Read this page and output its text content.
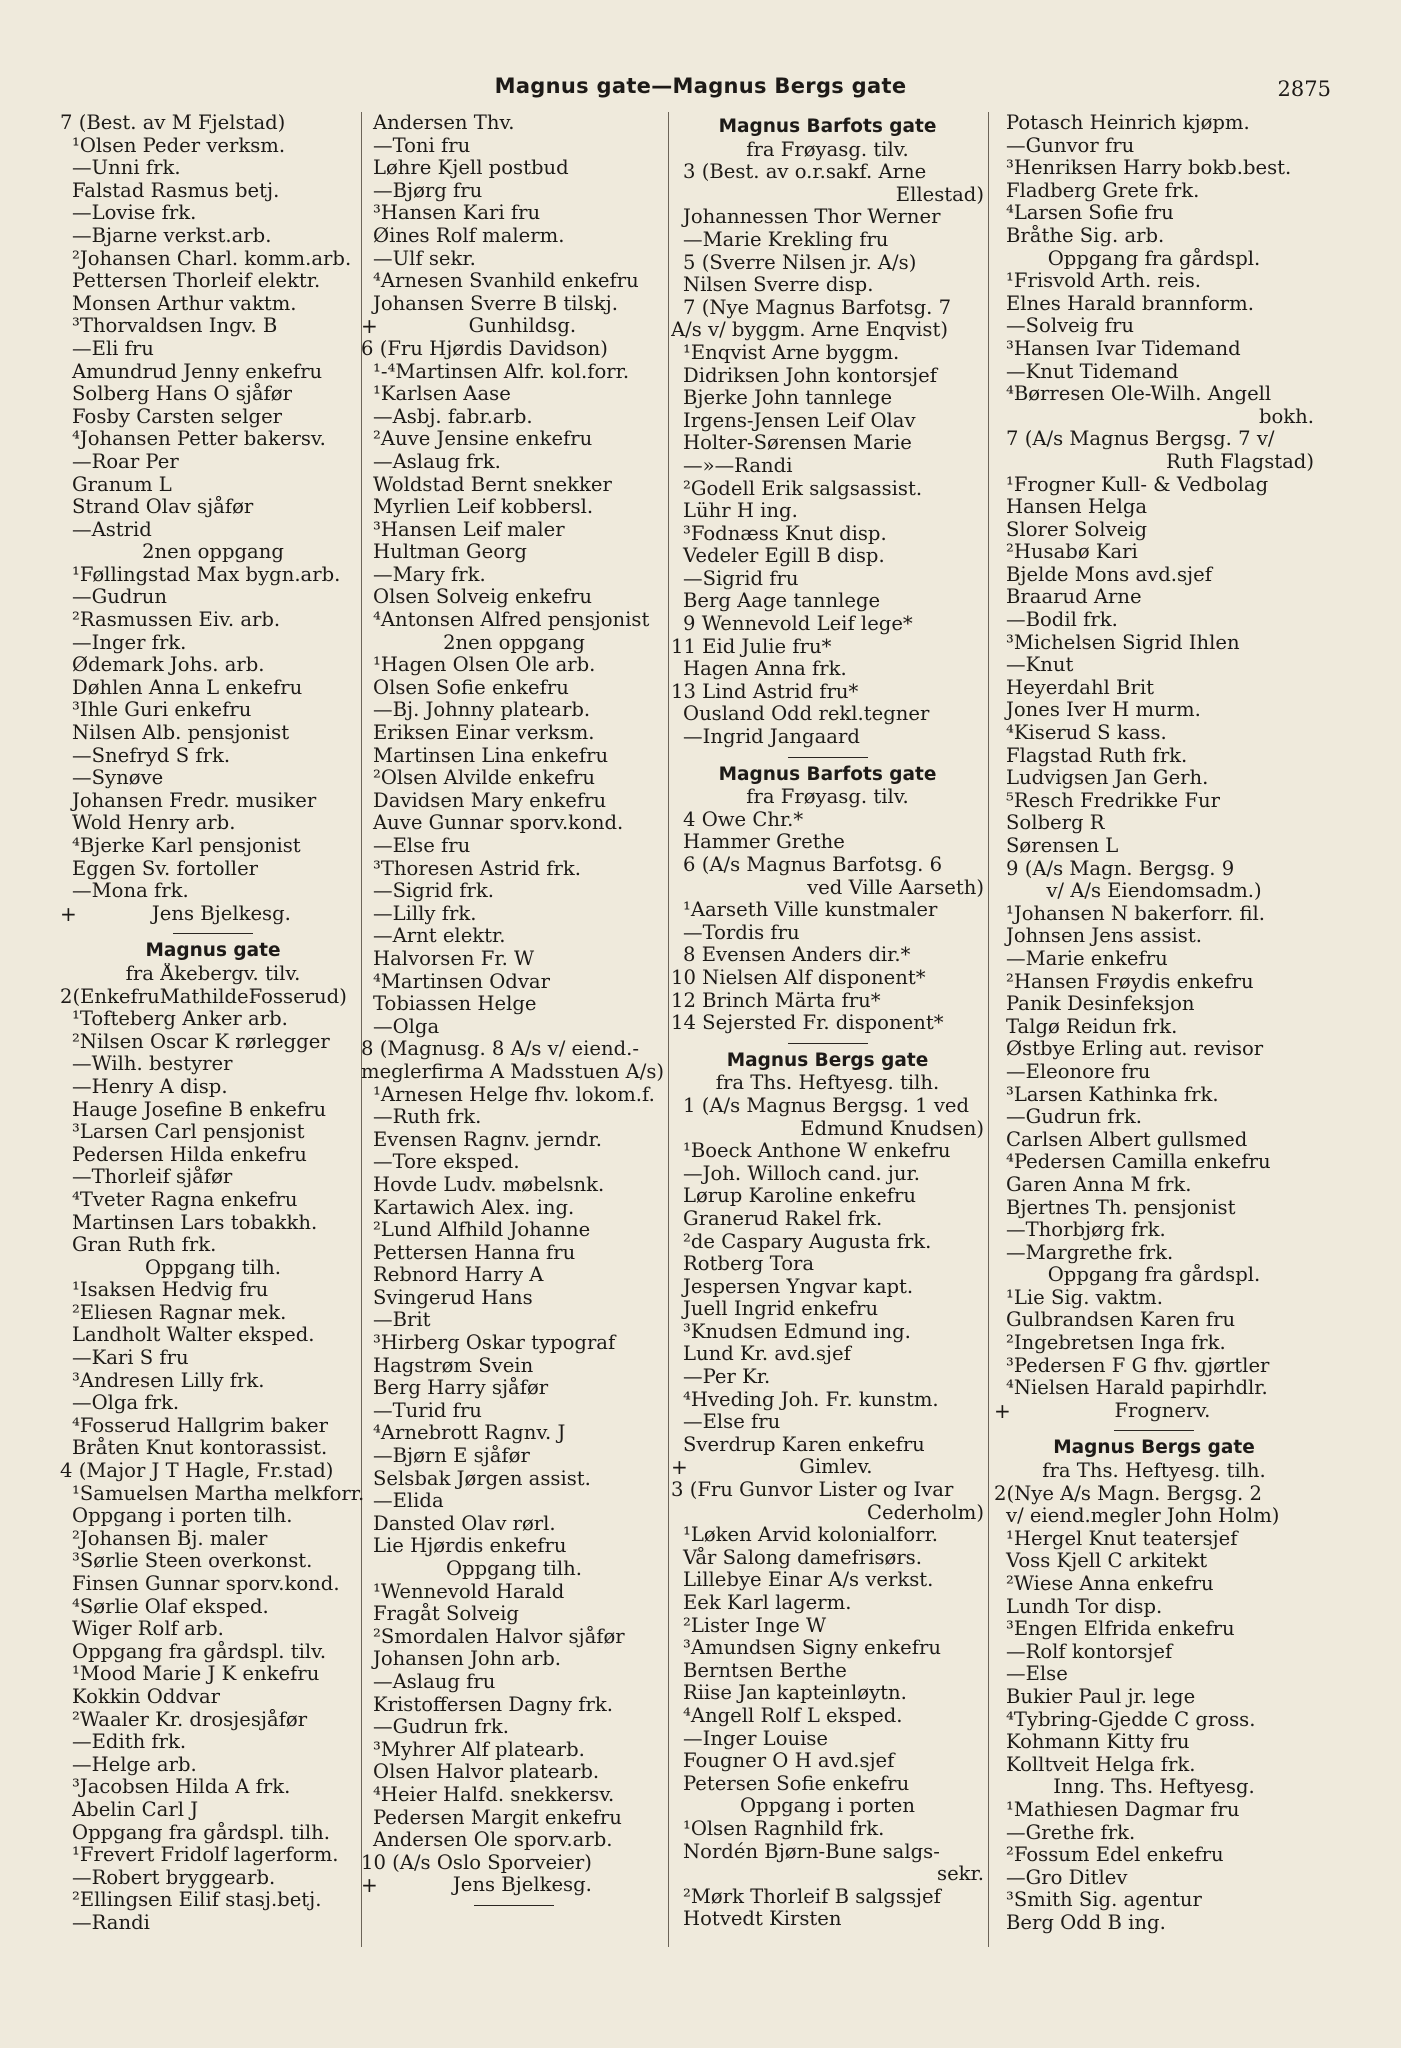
Magnus gate—Magnus Bergs gate	2875
7 (Best. av M Fjelstad)
¹Olsen Peder verksm.
—Unni frk.
Falstad Rasmus betj.
—Lovise frk.
—Bjarne verkst.arb.
²Johansen Charl. komm.arb.
Pettersen Thorleif elektr.
Monsen Arthur vaktm.
³Thorvaldsen Ingv. B
—Eli fru
Amundrud Jenny enkefru
Solberg Hans O sjåfør
Fosby Carsten selger
⁴Johansen Petter bakersv.
—Roar Per
Granum L
Strand Olav sjåfør
—Astrid
2nen oppgang
¹Føllingstad Max bygn.arb.
—Gudrun
²Rasmussen Eiv. arb.
—Inger frk.
Ødemark Johs. arb.
Døhlen Anna L enkefru
³Ihle Guri enkefru
Nilsen Alb. pensjonist
—Snefryd S frk.
—Synøve
Johansen Fredr. musiker
Wold Henry arb.
⁴Bjerke Karl pensjonist
Eggen Sv. fortoller
—Mona frk.
+	Jens Bjelkesg.
Magnus gate
fra Åkebergv. tilv.
2(EnkefruMathildeFosserud)
¹Tofteberg Anker arb.
²Nilsen Oscar K rørlegger
—Wilh. bestyrer
—Henry A disp.
Hauge Josefine B enkefru
³Larsen Carl pensjonist
Pedersen Hilda enkefru
—Thorleif sjåfør
⁴Tveter Ragna enkefru
Martinsen Lars tobakkh.
Gran Ruth frk.
Oppgang tilh.
¹Isaksen Hedvig fru
²Eliesen Ragnar mek.
Landholt Walter eksped.
—Kari S fru
³Andresen Lilly frk.
—Olga frk.
⁴Fosserud Hallgrim baker
Bråten Knut kontorassist.
4 (Major J T Hagle, Fr.stad)
¹Samuelsen Martha melkforr.
Oppgang i porten tilh.
²Johansen Bj. maler
³Sørlie Steen overkonst.
Finsen Gunnar sporv.kond.
⁴Sørlie Olaf eksped.
Wiger Rolf arb.
Oppgang fra gårdspl. tilv.
¹Mood Marie J K enkefru
Kokkin Oddvar
²Waaler Kr. drosjesjåfør
—Edith frk.
—Helge arb.
³Jacobsen Hilda A frk.
Abelin Carl J
Oppgang fra gårdspl. tilh.
¹Frevert Fridolf lagerform.
—Robert bryggearb.
²Ellingsen Eilif stasj.betj.
—Randi
Andersen Thv.
—Toni fru
Løhre Kjell postbud
—Bjørg fru
³Hansen Kari fru
Øines Rolf malerm.
—Ulf sekr.
⁴Arnesen Svanhild enkefru
Johansen Sverre B tilskj.
+	Gunhildsg.
6 (Fru Hjørdis Davidson)
¹-⁴Martinsen Alfr. kol.forr.
¹Karlsen Aase
—Asbj. fabr.arb.
²Auve Jensine enkefru
—Aslaug frk.
Woldstad Bernt snekker
Myrlien Leif kobbersl.
³Hansen Leif maler
Hultman Georg
—Mary frk.
Olsen Solveig enkefru
⁴Antonsen Alfred pensjonist
2nen oppgang
¹Hagen Olsen Ole arb.
Olsen Sofie enkefru
—Bj. Johnny platearb.
Eriksen Einar verksm.
Martinsen Lina enkefru
²Olsen Alvilde enkefru
Davidsen Mary enkefru
Auve Gunnar sporv.kond.
—Else fru
³Thoresen Astrid frk.
—Sigrid frk.
—Lilly frk.
—Arnt elektr.
Halvorsen Fr. W
⁴Martinsen Odvar
Tobiassen Helge
—Olga
8 (Magnusg. 8 A/s v/ eiend.-
meglerfirma A Madsstuen A/s)
¹Arnesen Helge fhv. lokom.f.
—Ruth frk.
Evensen Ragnv. jerndr.
—Tore eksped.
Hovde Ludv. møbelsnk.
Kartawich Alex. ing.
²Lund Alfhild Johanne
Pettersen Hanna fru
Rebnord Harry A
Svingerud Hans
—Brit
³Hirberg Oskar typograf
Hagstrøm Svein
Berg Harry sjåfør
—Turid fru
⁴Arnebrott Ragnv. J
—Bjørn E sjåfør
Selsbak Jørgen assist.
—Elida
Dansted Olav rørl.
Lie Hjørdis enkefru
Oppgang tilh.
¹Wennevold Harald
Fragåt Solveig
²Smordalen Halvor sjåfør
Johansen John arb.
—Aslaug fru
Kristoffersen Dagny frk.
—Gudrun frk.
³Myhrer Alf platearb.
Olsen Halvor platearb.
⁴Heier Halfd. snekkersv.
Pedersen Margit enkefru
Andersen Ole sporv.arb.
10 (A/s Oslo Sporveier)
+	Jens Bjelkesg.
Magnus Barfots gate
fra Frøyasg. tilv.
3 (Best. av o.r.sakf. Arne
Ellestad)
Johannessen Thor Werner
—Marie Krekling fru
5 (Sverre Nilsen jr. A/s)
Nilsen Sverre disp.
7 (Nye Magnus Barfotsg. 7
A/s v/ byggm. Arne Enqvist)
¹Enqvist Arne byggm.
Didriksen John kontorsjef
Bjerke John tannlege
Irgens-Jensen Leif Olav
Holter-Sørensen Marie
—»—Randi
²Godell Erik salgsassist.
Lühr H ing.
³Fodnæss Knut disp.
Vedeler Egill B disp.
—Sigrid fru
Berg Aage tannlege
9 Wennevold Leif lege*
11 Eid Julie fru*
Hagen Anna frk.
13 Lind Astrid fru*
Ousland Odd rekl.tegner
—Ingrid Jangaard
Magnus Barfots gate
fra Frøyasg. tilv.
4 Owe Chr.*
Hammer Grethe
6 (A/s Magnus Barfotsg. 6
ved Ville Aarseth)
¹Aarseth Ville kunstmaler
—Tordis fru
8 Evensen Anders dir.*
10 Nielsen Alf disponent*
12 Brinch Märta fru*
14 Sejersted Fr. disponent*
Magnus Bergs gate
fra Ths. Heftyesg. tilh.
1 (A/s Magnus Bergsg. 1 ved
Edmund Knudsen)
¹Boeck Anthone W enkefru
—Joh. Willoch cand. jur.
Lørup Karoline enkefru
Granerud Rakel frk.
²de Caspary Augusta frk.
Rotberg Tora
Jespersen Yngvar kapt.
Juell Ingrid enkefru
³Knudsen Edmund ing.
Lund Kr. avd.sjef
—Per Kr.
⁴Hveding Joh. Fr. kunstm.
—Else fru
Sverdrup Karen enkefru
+	Gimlev.
3 (Fru Gunvor Lister og Ivar
Cederholm)
¹Løken Arvid kolonialforr.
Vår Salong damefrisørs.
Lillebye Einar A/s verkst.
Eek Karl lagerm.
²Lister Inge W
³Amundsen Signy enkefru
Berntsen Berthe
Riise Jan kapteinløytn.
⁴Angell Rolf L eksped.
—Inger Louise
Fougner O H avd.sjef
Petersen Sofie enkefru
Oppgang i porten
¹Olsen Ragnhild frk.
Nordén Bjørn-Bune salgs-
sekr.
²Mørk Thorleif B salgssjef
Hotvedt Kirsten
Potasch Heinrich kjøpm.
—Gunvor fru
³Henriksen Harry bokb.best.
Fladberg Grete frk.
⁴Larsen Sofie fru
Bråthe Sig. arb.
Oppgang fra gårdspl.
¹Frisvold Arth. reis.
Elnes Harald brannform.
—Solveig fru
³Hansen Ivar Tidemand
—Knut Tidemand
⁴Børresen Ole-Wilh. Angell
bokh.
7 (A/s Magnus Bergsg. 7 v/
Ruth Flagstad)
¹Frogner Kull- & Vedbolag
Hansen Helga
Slorer Solveig
²Husabø Kari
Bjelde Mons avd.sjef
Braarud Arne
—Bodil frk.
³Michelsen Sigrid Ihlen
—Knut
Heyerdahl Brit
Jones Iver H murm.
⁴Kiserud S kass.
Flagstad Ruth frk.
Ludvigsen Jan Gerh.
⁵Resch Fredrikke Fur
Solberg R
Sørensen L
9 (A/s Magn. Bergsg. 9
v/ A/s Eiendomsadm.)
¹Johansen N bakerforr. fil.
Johnsen Jens assist.
—Marie enkefru
²Hansen Frøydis enkefru
Panik Desinfeksjon
Talgø Reidun frk.
Østbye Erling aut. revisor
—Eleonore fru
³Larsen Kathinka frk.
—Gudrun frk.
Carlsen Albert gullsmed
⁴Pedersen Camilla enkefru
Garen Anna M frk.
Bjertnes Th. pensjonist
—Thorbjørg frk.
—Margrethe frk.
Oppgang fra gårdspl.
¹Lie Sig. vaktm.
Gulbrandsen Karen fru
²Ingebretsen Inga frk.
³Pedersen F G fhv. gjørtler
⁴Nielsen Harald papirhdlr.
+	Frognerv.
Magnus Bergs gate
fra Ths. Heftyesg. tilh.
2(Nye A/s Magn. Bergsg. 2
v/ eiend.megler John Holm)
¹Hergel Knut teatersjef
Voss Kjell C arkitekt
²Wiese Anna enkefru
Lundh Tor disp.
³Engen Elfrida enkefru
—Rolf kontorsjef
—Else
Bukier Paul jr. lege
⁴Tybring-Gjedde C gross.
Kohmann Kitty fru
Kolltveit Helga frk.
Inng. Ths. Heftyesg.
¹Mathiesen Dagmar fru
—Grethe frk.
²Fossum Edel enkefru
—Gro Ditlev
³Smith Sig. agentur
Berg Odd B ing.
